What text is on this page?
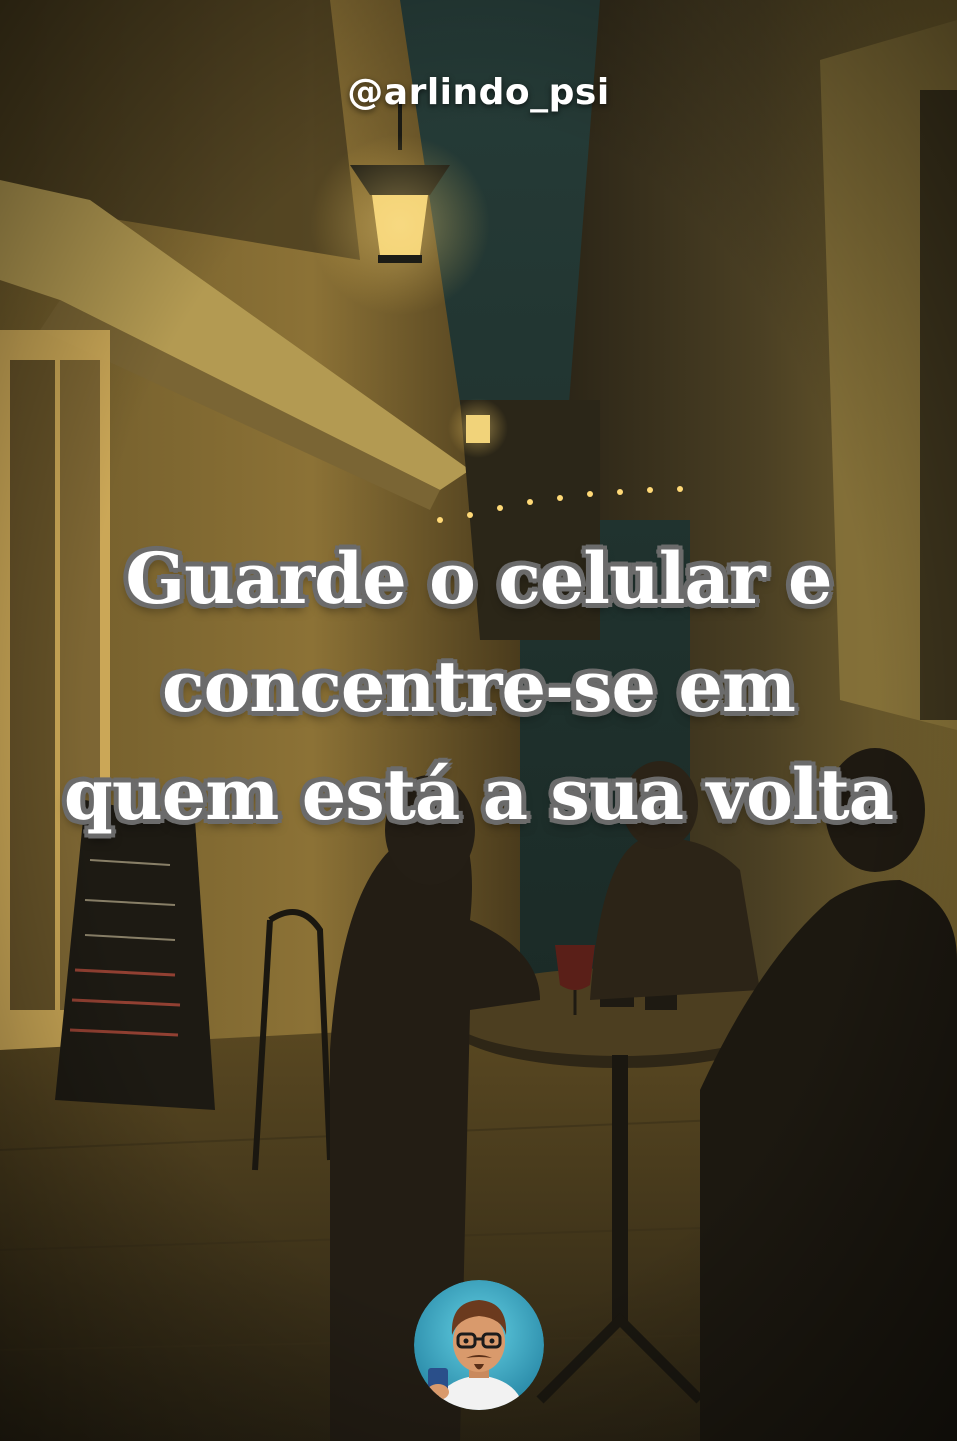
@arlindo_psi
Guarde o celular e
concentre-se em
quem está a sua volta
